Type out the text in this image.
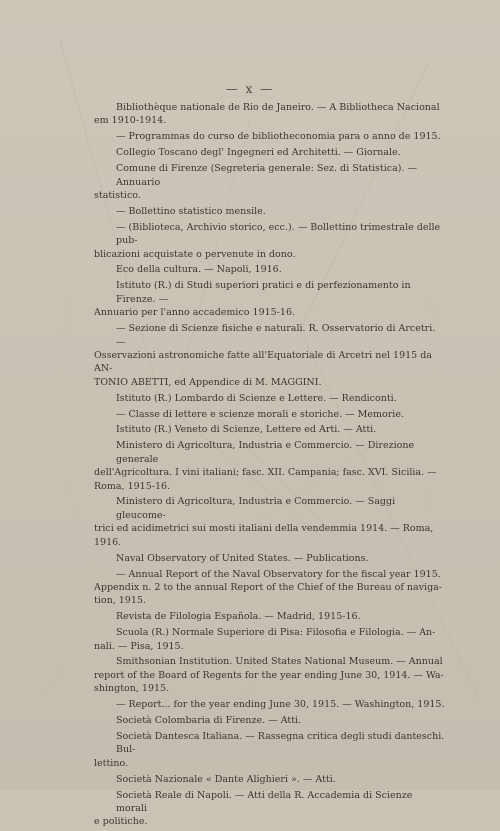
— x —
Bibliothèque nationale de Rio de Janeiro. — A Bibliotheca Nacional
em 1910-1914.
— Programmas do curso de bibliotheconomia para o anno de 1915.
Collegio Toscano degl' Ingegneri ed Architetti. — Giornale.
Comune di Firenze (Segreteria generale: Sez. di Statistica). — Annuario
statistico.
— Bollettino statistico mensile.
— (Biblioteca, Archivio storico, ecc.). — Bollettino trimestrale delle pub-
blicazioni acquistate o pervenute in dono.
Eco della cultura. — Napoli, 1916.
Istituto (R.) di Studi superiori pratici e di perfezionamento in Firenze. —
Annuario per l'anno accademico 1915-16.
— Sezione di Scienze fisiche e naturali. R. Osservatorio di Arcetri. —
Osservazioni astronomiche fatte all'Equatoriale di Arcetri nel 1915 da AN-
TONIO ABETTI, ed Appendice di M. MAGGINI.
Istituto (R.) Lombardo di Scienze e Lettere. — Rendiconti.
— Classe di lettere e scienze morali e storiche. — Memorie.
Istituto (R.) Veneto di Scienze, Lettere ed Arti. — Atti.
Ministero di Agricoltura, Industria e Commercio. — Direzione generale
dell'Agricoltura. I vini italiani; fasc. XII. Campania; fasc. XVI. Sicilia. —
Roma, 1915-16.
Ministero di Agricoltura, Industria e Commercio. — Saggi gleucome-
trici ed acidimetrici sui mosti italiani della vendemmia 1914. — Roma, 1916.
Naval Observatory of United States. — Publications.
— Annual Report of the Naval Observatory for the fiscal year 1915.
Appendix n. 2 to the annual Report of the Chief of the Bureau of naviga-
tion, 1915.
Revista de Filologia Española. — Madrid, 1915-16.
Scuola (R.) Normale Superiore di Pisa: Filosofia e Filologia. — An-
nali. — Pisa, 1915.
Smithsonian Institution. United States National Museum. — Annual
report of the Board of Regents for the year ending June 30, 1914. — Wa-
shington, 1915.
— Report... for the year ending June 30, 1915. — Washington, 1915.
Società Colombaria di Firenze. — Atti.
Società Dantesca Italiana. — Rassegna critica degli studi danteschi. Bul-
lettino.
Società Nazionale « Dante Alighieri ». — Atti.
Società Reale di Napoli. — Atti della R. Accademia di Scienze morali
e politiche.
